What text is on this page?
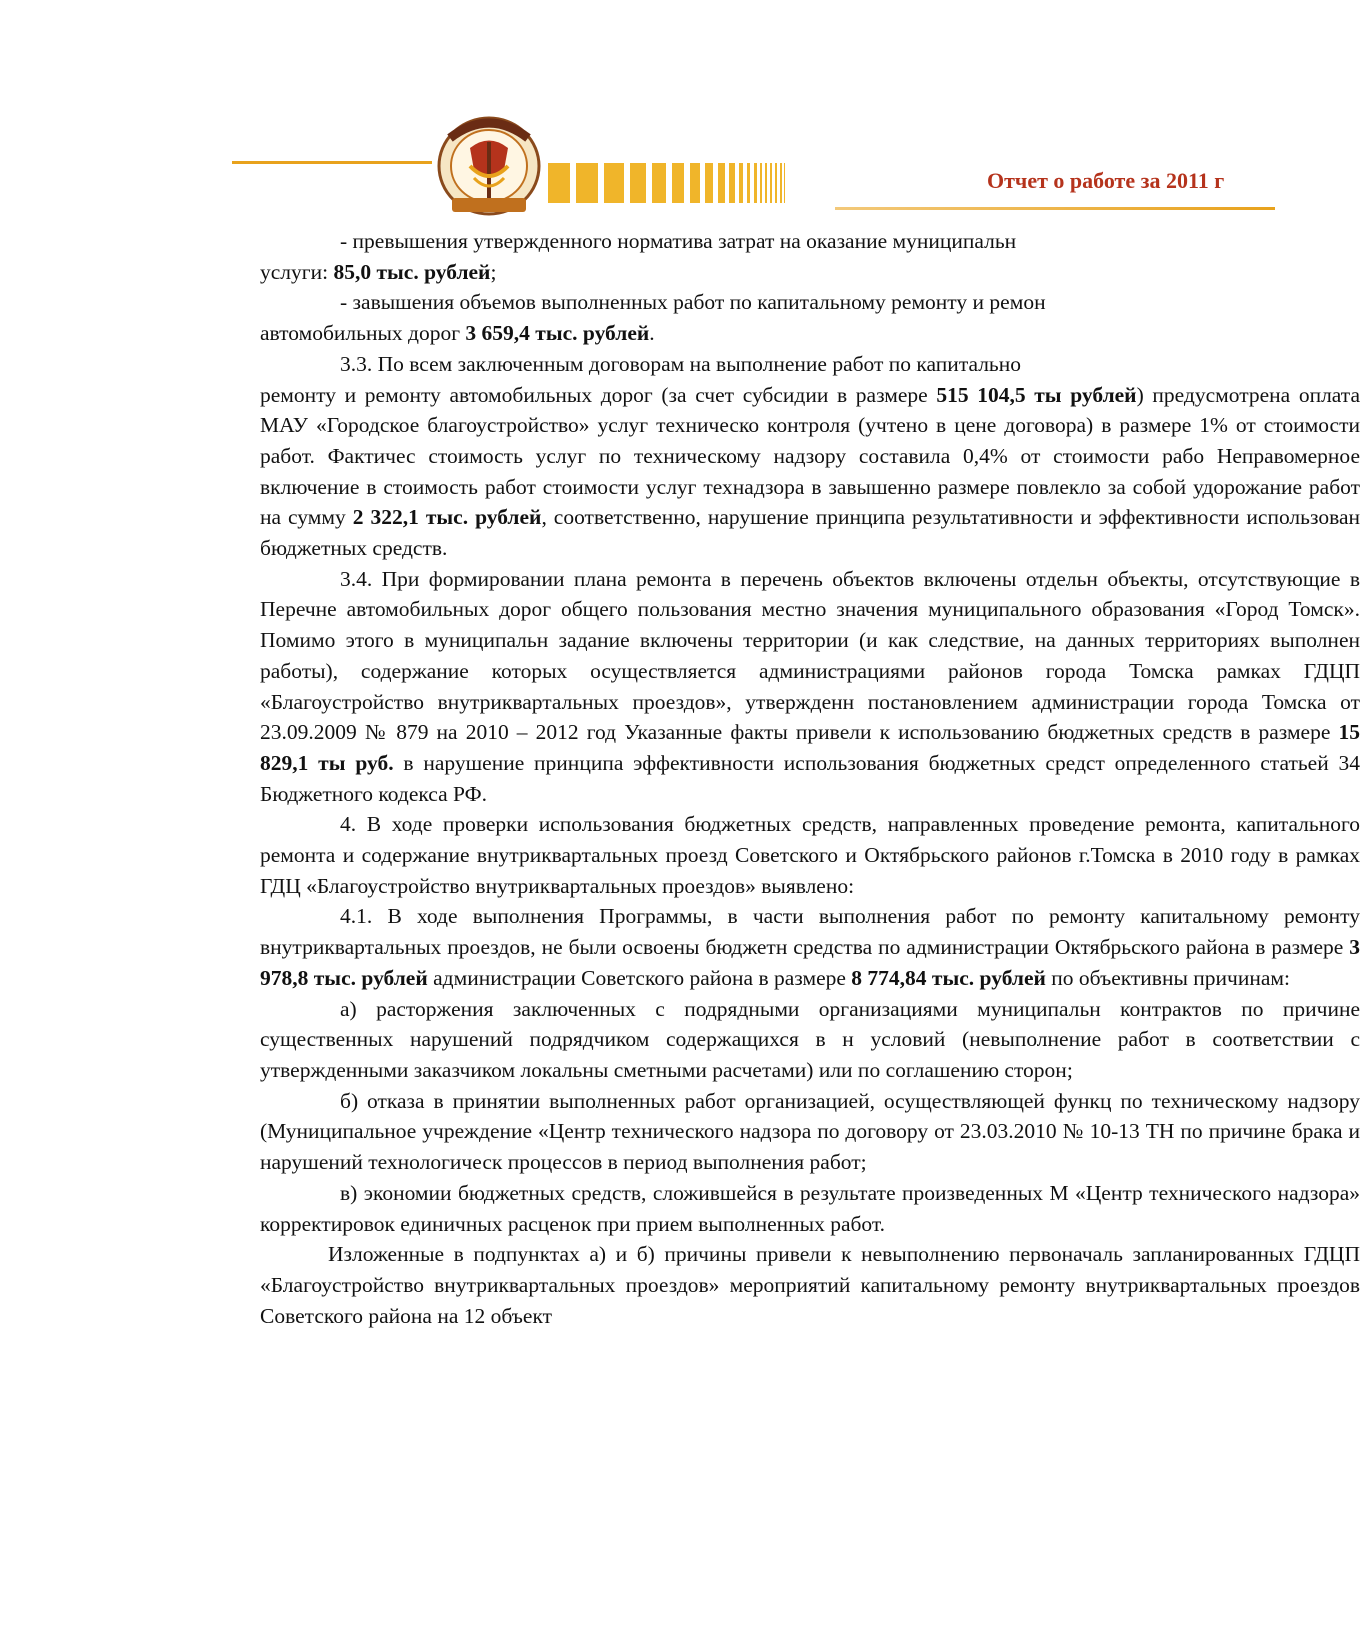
Отчет о работе за 2011 г

- превышения утвержденного норматива затрат на оказание муниципальн
услуги: 85,0 тыс. рублей;

- завышения объемов выполненных работ по капитальному ремонту и ремон
автомобильных дорог 3 659,4 тыс. рублей.

3.3. По всем заключенным договорам на выполнение работ по капитально
ремонту и ремонту автомобильных дорог (за счет субсидии в размере 515 104,5 ты рублей) предусмотрена оплата МАУ «Городское благоустройство» услуг техническо контроля (учтено в цене договора) в размере 1% от стоимости работ. Фактичес стоимость услуг по техническому надзору составила 0,4% от стоимости рабо Неправомерное включение в стоимость работ стоимости услуг технадзора в завышенно размере повлекло за собой удорожание работ на сумму 2 322,1 тыс. рублей, соответственно, нарушение принципа результативности и эффективности использован бюджетных средств.

3.4. При формировании плана ремонта в перечень объектов включены отдельн объекты, отсутствующие в Перечне автомобильных дорог общего пользования местно значения муниципального образования «Город Томск». Помимо этого в муниципальн задание включены территории (и как следствие, на данных территориях выполнен работы), содержание которых осуществляется администрациями районов города Томска рамках ГДЦП «Благоустройство внутриквартальных проездов», утвержденн постановлением администрации города Томска от 23.09.2009 № 879 на 2010 – 2012 год Указанные факты привели к использованию бюджетных средств в размере 15 829,1 ты руб. в нарушение принципа эффективности использования бюджетных средст определенного статьей 34 Бюджетного кодекса РФ.

4. В ходе проверки использования бюджетных средств, направленных проведение ремонта, капитального ремонта и содержание внутриквартальных проезд Советского и Октябрьского районов г.Томска в 2010 году в рамках ГДЦ «Благоустройство внутриквартальных проездов» выявлено:

4.1. В ходе выполнения Программы, в части выполнения работ по ремонту капитальному ремонту внутриквартальных проездов, не были освоены бюджетн средства по администрации Октябрьского района в размере 3 978,8 тыс. рублей администрации Советского района в размере 8 774,84 тыс. рублей по объективны причинам:

а) расторжения заключенных с подрядными организациями муниципальн контрактов по причине существенных нарушений подрядчиком содержащихся в н условий (невыполнение работ в соответствии с утвержденными заказчиком локальны сметными расчетами) или по соглашению сторон;

б) отказа в принятии выполненных работ организацией, осуществляющей функц по техническому надзору (Муниципальное учреждение «Центр технического надзора по договору от 23.03.2010 № 10-13 ТН по причине брака и нарушений технологическ процессов в период выполнения работ;

в) экономии бюджетных средств, сложившейся в результате произведенных М «Центр технического надзора» корректировок единичных расценок при прием выполненных работ.

Изложенные в подпунктах а) и б) причины привели к невыполнению первоначаль запланированных ГДЦП «Благоустройство внутриквартальных проездов» мероприятий капитальному ремонту внутриквартальных проездов Советского района на 12 объект
